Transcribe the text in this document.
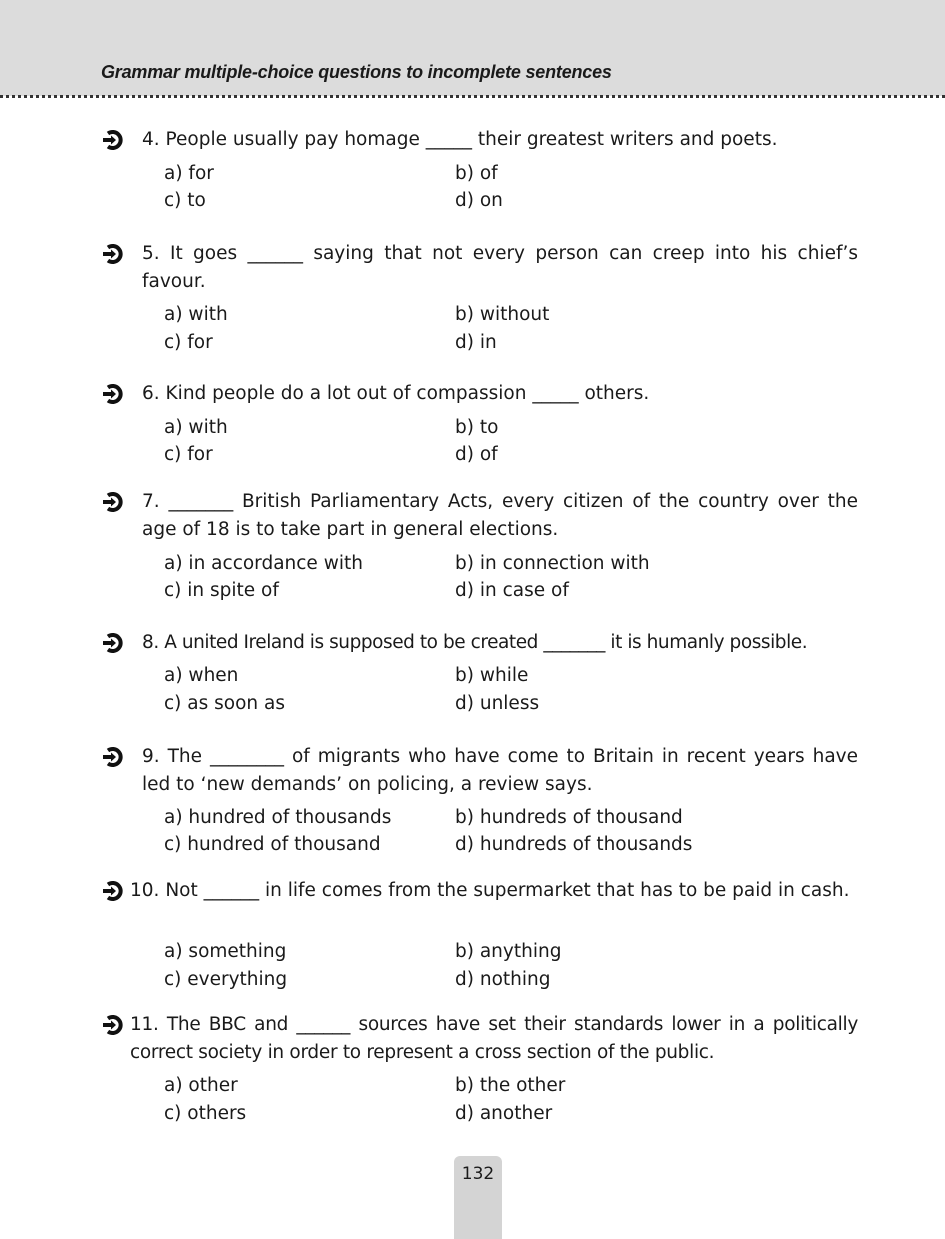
Grammar multiple-choice questions to incomplete sentences
4. People usually pay homage _____ their greatest writers and poets.
a) for	b) of
c) to	d) on
5. It goes ______ saying that not every person can creep into his chief’s favour.
a) with	b) without
c) for	d) in
6. Kind people do a lot out of compassion _____ others.
a) with	b) to
c) for	d) of
7. _______ British Parliamentary Acts, every citizen of the country over the age of 18 is to take part in general elections.
a) in accordance with	b) in connection with
c) in spite of	d) in case of
8. A united Ireland is supposed to be created _______ it is humanly possible.
a) when	b) while
c) as soon as	d) unless
9. The ________ of migrants who have come to Britain in recent years have led to ‘new demands’ on policing, a review says.
a) hundred of thousands	b) hundreds of thousand
c) hundred of thousand	d) hundreds of thousands
10. Not ______ in life comes from the supermarket that has to be paid in cash.
a) something	b) anything
c) everything	d) nothing
11. The BBC and ______ sources have set their standards lower in a politically correct society in order to represent a cross section of the public.
a) other	b) the other
c) others	d) another
132
